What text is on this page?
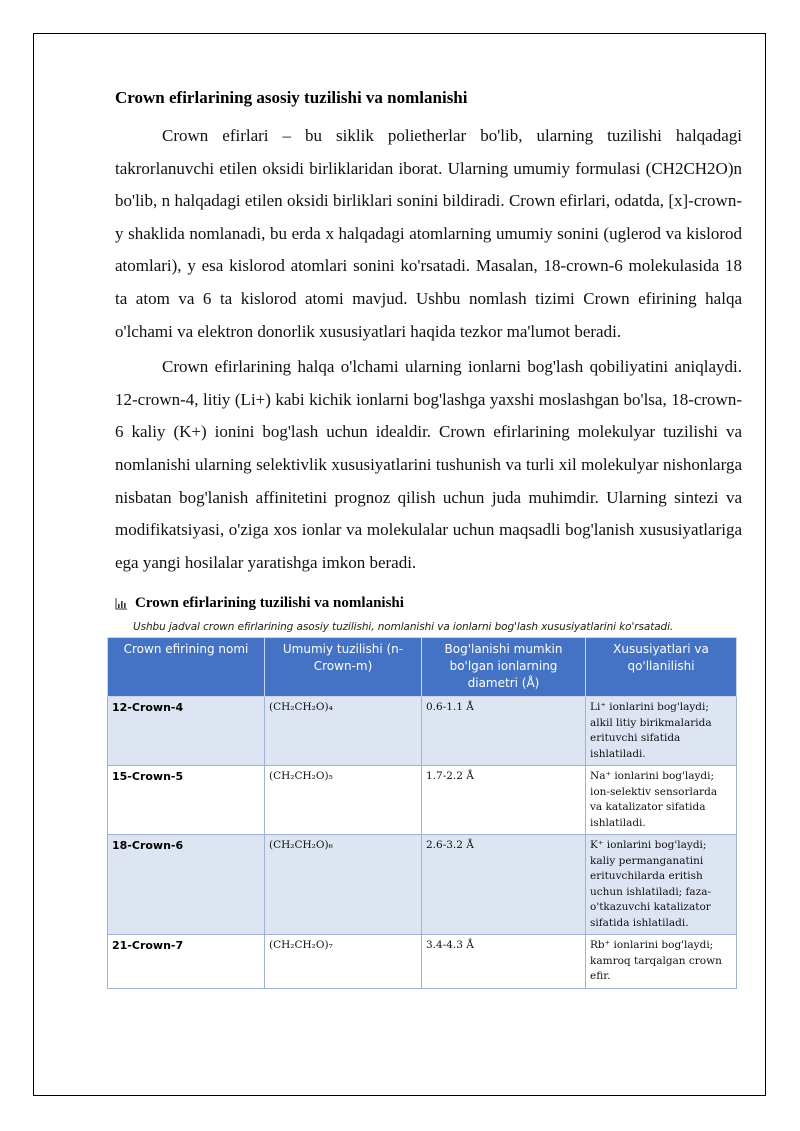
Crown efirlarining asosiy tuzilishi va nomlanishi

Crown efirlari – bu siklik polietherlar bo'lib, ularning tuzilishi halqadagi takrorlanuvchi etilen oksidi birliklaridan iborat. Ularning umumiy formulasi (CH2CH2O)n bo'lib, n halqadagi etilen oksidi birliklari sonini bildiradi. Crown efirlari, odatda, [x]-crown-y shaklida nomlanadi, bu erda x halqadagi atomlarning umumiy sonini (uglerod va kislorod atomlari), y esa kislorod atomlari sonini ko'rsatadi. Masalan, 18-crown-6 molekulasida 18 ta atom va 6 ta kislorod atomi mavjud. Ushbu nomlash tizimi Crown efirining halqa o'lchami va elektron donorlik xususiyatlari haqida tezkor ma'lumot beradi.

Crown efirlarining halqa o'lchami ularning ionlarni bog'lash qobiliyatini aniqlaydi. 12-crown-4, litiy (Li+) kabi kichik ionlarni bog'lashga yaxshi moslashgan bo'lsa, 18-crown-6 kaliy (K+) ionini bog'lash uchun idealdir. Crown efirlarining molekulyar tuzilishi va nomlanishi ularning selektivlik xususiyatlarini tushunish va turli xil molekulyar nishonlarga nisbatan bog'lanish affinitetini prognoz qilish uchun juda muhimdir. Ularning sintezi va modifikatsiyasi, o'ziga xos ionlar va molekulalar uchun maqsadli bog'lanish xususiyatlariga ega yangi hosilalar yaratishga imkon beradi.

Crown efirlarining tuzilishi va nomlanishi
Ushbu jadval crown efirlarining asosiy tuzilishi, nomlanishi va ionlarni bog'lash xususiyatlarini ko'rsatadi.
Crown efirining nomi	Umumiy tuzilishi (n-Crown-m)	Bog'lanishi mumkin bo'lgan ionlarning diametri (Å)	Xususiyatlari va qo'llanilishi
12-Crown-4	(CH₂CH₂O)₄	0.6-1.1 Å	Li⁺ ionlarini bog'laydi; alkil litiy birikmalarida erituvchi sifatida ishlatiladi.
15-Crown-5	(CH₂CH₂O)₅	1.7-2.2 Å	Na⁺ ionlarini bog'laydi; ion-selektiv sensorlarda va katalizator sifatida ishlatiladi.
18-Crown-6	(CH₂CH₂O)₆	2.6-3.2 Å	K⁺ ionlarini bog'laydi; kaliy permanganatini erituvchilarda eritish uchun ishlatiladi; faza-o'tkazuvchi katalizator sifatida ishlatiladi.
21-Crown-7	(CH₂CH₂O)₇	3.4-4.3 Å	Rb⁺ ionlarini bog'laydi; kamroq tarqalgan crown efir.
